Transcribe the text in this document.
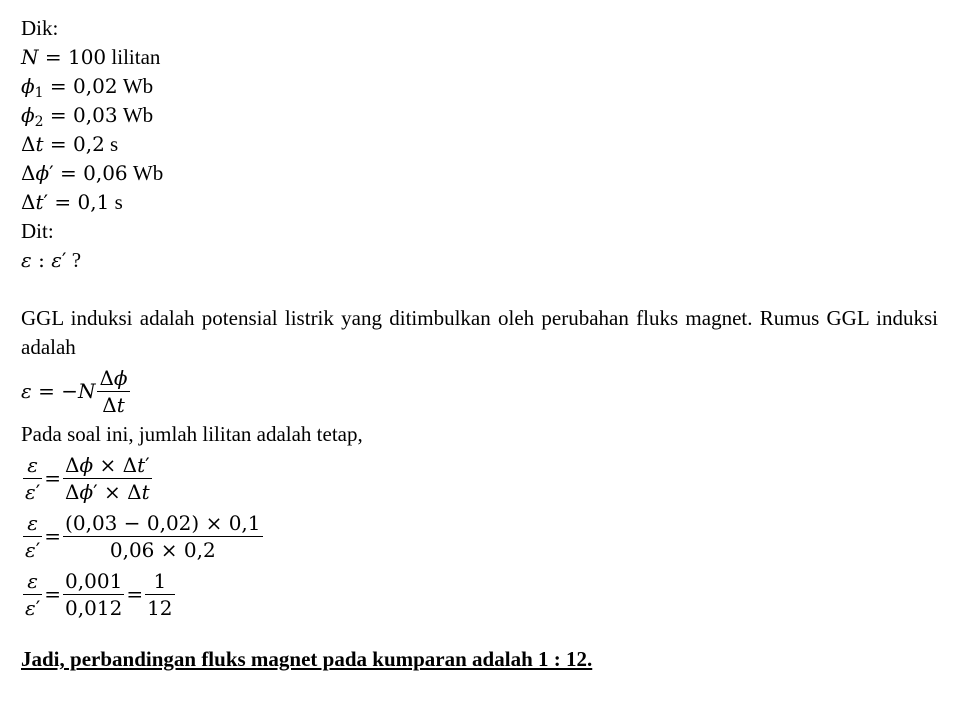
Dik:
N = 100 lilitan
$\phi_1 = 0,02$ Wb
$\phi_2 = 0,03$ Wb
Δt = 0,2 s
Δϕ′ = 0,06 Wb
Δt′ = 0,1 s
Dit:
ε : ε′ ?

GGL induksi adalah potensial listrik yang ditimbulkan oleh perubahan fluks magnet. Rumus GGL induksi adalah

$\varepsilon = -N \frac{\Delta\phi}{\Delta t}$
Pada soal ini, jumlah lilitan adalah tetap,
$\frac{\varepsilon}{\varepsilon'} = \frac{\Delta\phi \times \Delta t'}{\Delta\phi' \times \Delta t}$
$\frac{\varepsilon}{\varepsilon'} = \frac{(0,03 - 0,02) \times 0,1}{0,06 \times 0,2}$
$\frac{\varepsilon}{\varepsilon'} = \frac{0,001}{0,012} = \frac{1}{12}$
Jadi, perbandingan fluks magnet pada kumparan adalah 1 : 12.
